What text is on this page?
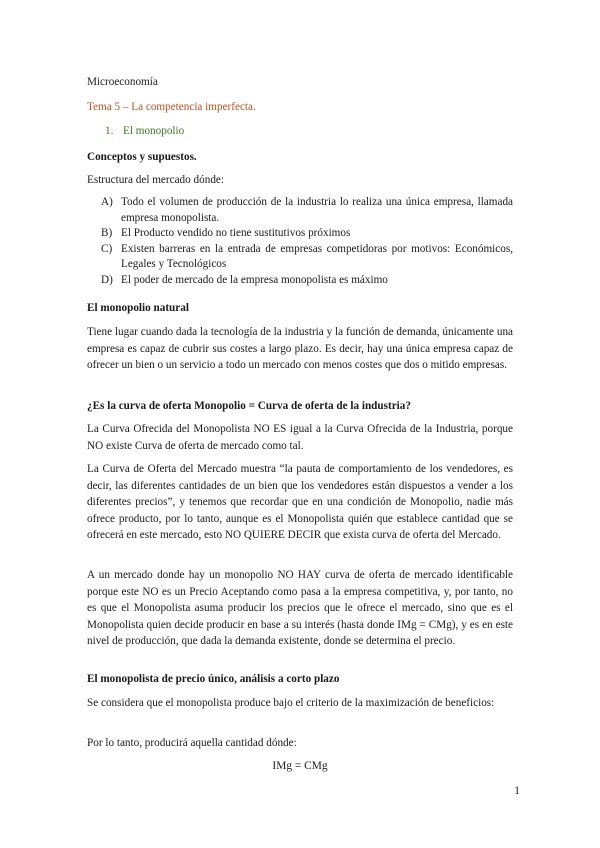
Microeconomía

Tema 5 – La competencia imperfecta.

1. El monopolio

Conceptos y supuestos.

Estructura del mercado dónde:

A) Todo el volumen de producción de la industria lo realiza una única empresa, llamada empresa monopolista.
B) El Producto vendido no tiene sustitutivos próximos
C) Existen barreras en la entrada de empresas competidoras por motivos: Económicos, Legales y Tecnológicos
D) El poder de mercado de la empresa monopolista es máximo

El monopolio natural

Tiene lugar cuando dada la tecnología de la industria y la función de demanda, únicamente una empresa es capaz de cubrir sus costes a largo plazo. Es decir, hay una única empresa capaz de ofrecer un bien o un servicio a todo un mercado con menos costes que dos o mitido empresas.

¿Es la curva de oferta Monopolio = Curva de oferta de la industria?

La Curva Ofrecida del Monopolista NO ES igual a la Curva Ofrecida de la Industria, porque NO existe Curva de oferta de mercado como tal.

La Curva de Oferta del Mercado muestra “la pauta de comportamiento de los vendedores, es decir, las diferentes cantidades de un bien que los vendedores están dispuestos a vender a los diferentes precios”, y tenemos que recordar que en una condición de Monopolio, nadie más ofrece producto, por lo tanto, aunque es el Monopolista quién que establece cantidad que se ofrecerá en este mercado, esto NO QUIERE DECIR que exista curva de oferta del Mercado.

A un mercado donde hay un monopolio NO HAY curva de oferta de mercado identificable porque este NO es un Precio Aceptando como pasa a la empresa competitiva, y, por tanto, no es que el Monopolista asuma producir los precios que le ofrece el mercado, sino que es el Monopolista quien decide producir en base a su interés (hasta donde IMg = CMg), y es en este nivel de producción, que dada la demanda existente, donde se determina el precio.

El monopolista de precio único, análisis a corto plazo

Se considera que el monopolista produce bajo el criterio de la maximización de beneficios:

Por lo tanto, producirá aquella cantidad dónde:

IMg = CMg
1
